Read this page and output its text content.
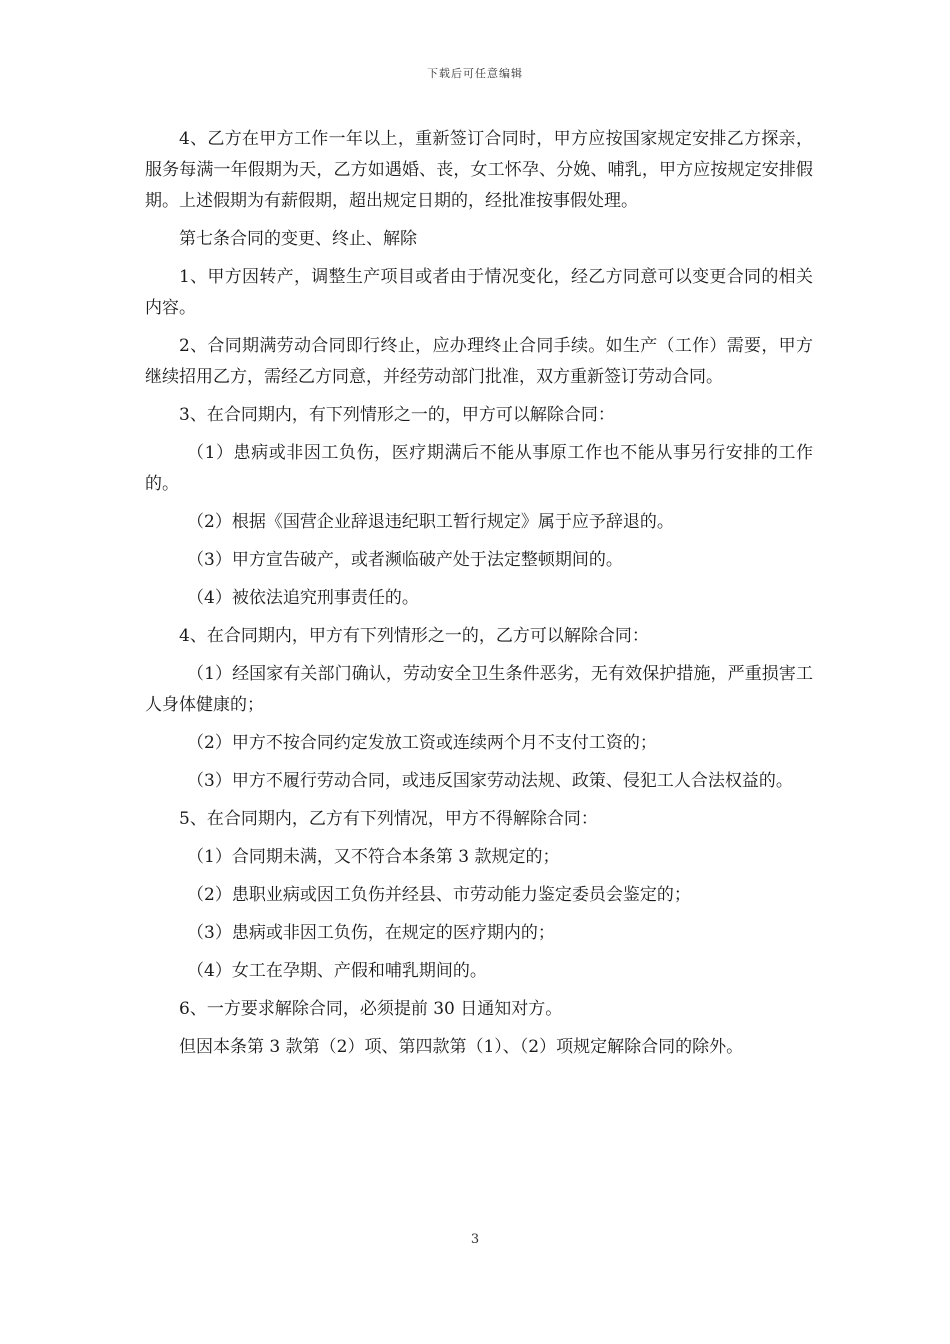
下载后可任意编辑

4、乙方在甲方工作一年以上，重新签订合同时，甲方应按国家规定安排乙方探亲，服务每满一年假期为天，乙方如遇婚、丧，女工怀孕、分娩、哺乳，甲方应按规定安排假期。上述假期为有薪假期，超出规定日期的，经批准按事假处理。

第七条合同的变更、终止、解除

1、甲方因转产，调整生产项目或者由于情况变化，经乙方同意可以变更合同的相关内容。

2、合同期满劳动合同即行终止，应办理终止合同手续。如生产（工作）需要，甲方继续招用乙方，需经乙方同意，并经劳动部门批准，双方重新签订劳动合同。

3、在合同期内，有下列情形之一的，甲方可以解除合同：

（1）患病或非因工负伤，医疗期满后不能从事原工作也不能从事另行安排的工作的。

（2）根据《国营企业辞退违纪职工暂行规定》属于应予辞退的。

（3）甲方宣告破产，或者濒临破产处于法定整顿期间的。

（4）被依法追究刑事责任的。

4、在合同期内，甲方有下列情形之一的，乙方可以解除合同：

（1）经国家有关部门确认，劳动安全卫生条件恶劣，无有效保护措施，严重损害工人身体健康的；

（2）甲方不按合同约定发放工资或连续两个月不支付工资的；

（3）甲方不履行劳动合同，或违反国家劳动法规、政策、侵犯工人合法权益的。

5、在合同期内，乙方有下列情况，甲方不得解除合同：

（1）合同期未满，又不符合本条第 3 款规定的；

（2）患职业病或因工负伤并经县、市劳动能力鉴定委员会鉴定的；

（3）患病或非因工负伤，在规定的医疗期内的；

（4）女工在孕期、产假和哺乳期间的。

6、一方要求解除合同，必须提前 30 日通知对方。

但因本条第 3 款第（2）项、第四款第（1）、（2）项规定解除合同的除外。

3
